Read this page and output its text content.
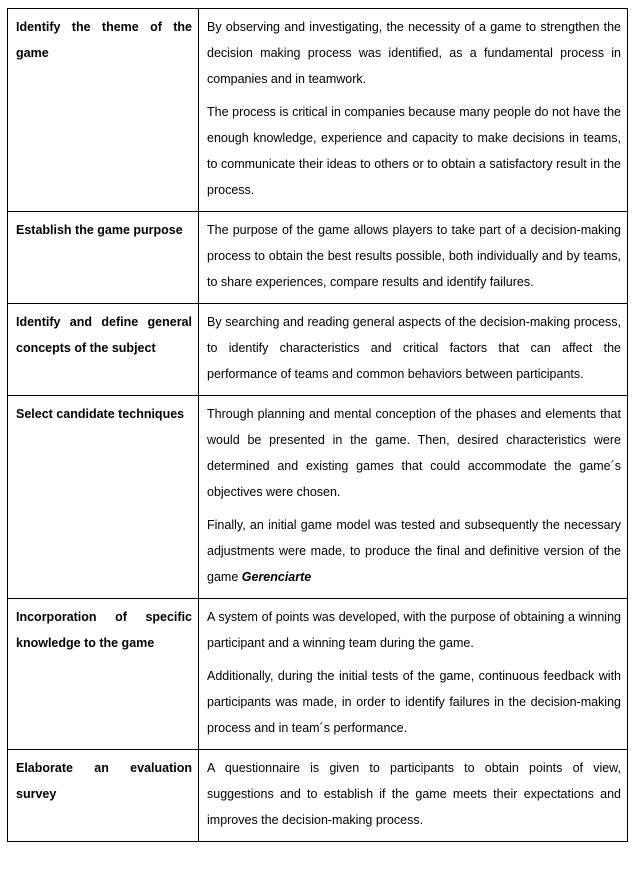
Identify the theme of the game	By observing and investigating, the necessity of a game to strengthen the decision making process was identified, as a fundamental process in companies and in teamwork.

The process is critical in companies because many people do not have the enough knowledge, experience and capacity to make decisions in teams, to communicate their ideas to others or to obtain a satisfactory result in the process.

Establish the game purpose	The purpose of the game allows players to take part of a decision-making process to obtain the best results possible, both individually and by teams, to share experiences, compare results and identify failures.

Identify and define general concepts of the subject	By searching and reading general aspects of the decision-making process, to identify characteristics and critical factors that can affect the performance of teams and common behaviors between participants.

Select candidate techniques	Through planning and mental conception of the phases and elements that would be presented in the game. Then, desired characteristics were determined and existing games that could accommodate the game´s objectives were chosen.

Finally, an initial game model was tested and subsequently the necessary adjustments were made, to produce the final and definitive version of the game Gerenciarte

Incorporation of specific knowledge to the game	A system of points was developed, with the purpose of obtaining a winning participant and a winning team during the game.

Additionally, during the initial tests of the game, continuous feedback with participants was made, in order to identify failures in the decision-making process and in team´s performance.

Elaborate an evaluation survey	A questionnaire is given to participants to obtain points of view, suggestions and to establish if the game meets their expectations and improves the decision-making process.
